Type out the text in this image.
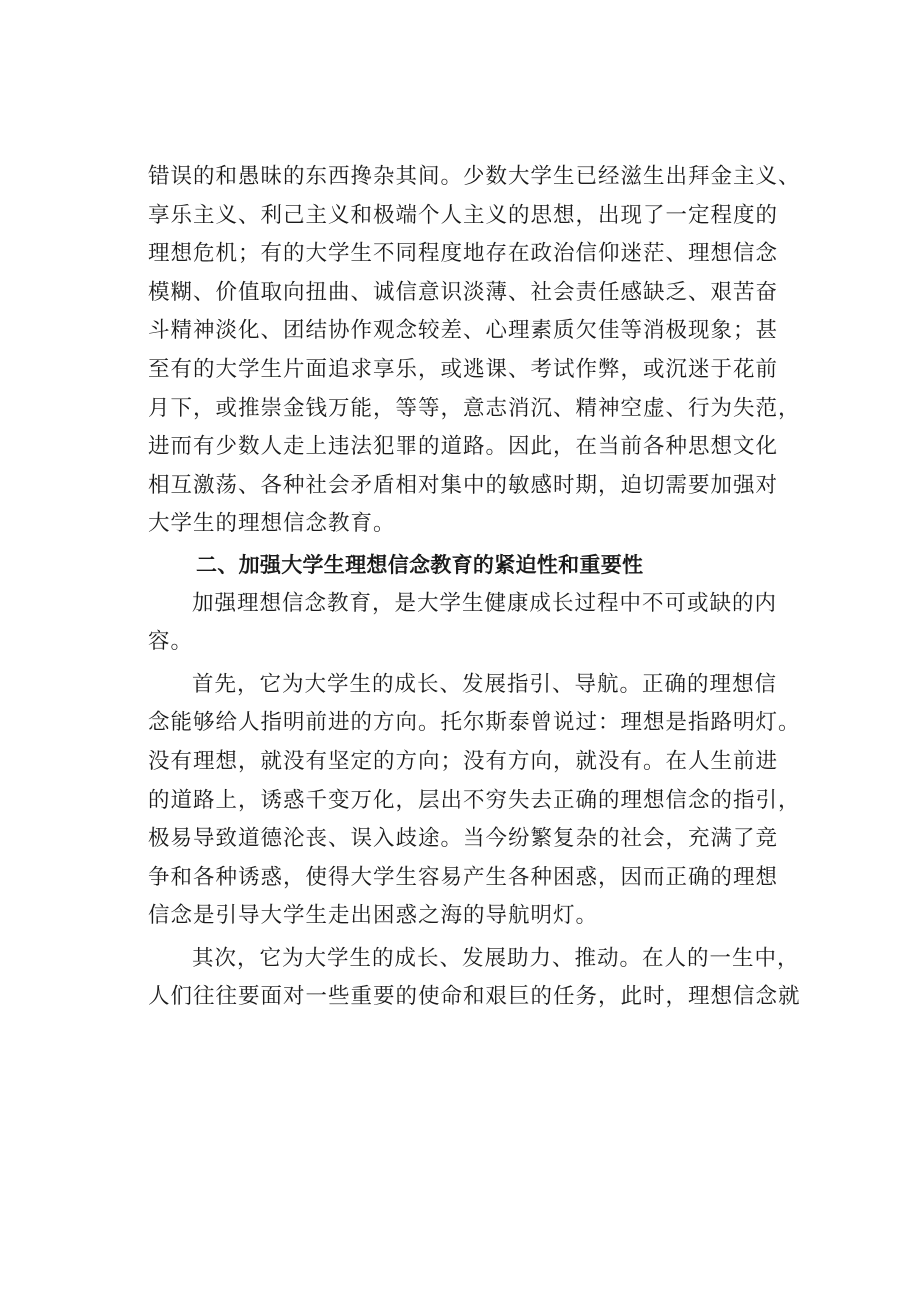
错误的和愚昧的东西搀杂其间。少数大学生已经滋生出拜金主义、
享乐主义、利己主义和极端个人主义的思想，出现了一定程度的
理想危机；有的大学生不同程度地存在政治信仰迷茫、理想信念
模糊、价值取向扭曲、诚信意识淡薄、社会责任感缺乏、艰苦奋
斗精神淡化、团结协作观念较差、心理素质欠佳等消极现象；甚
至有的大学生片面追求享乐，或逃课、考试作弊，或沉迷于花前
月下，或推崇金钱万能，等等，意志消沉、精神空虚、行为失范，
进而有少数人走上违法犯罪的道路。因此，在当前各种思想文化
相互激荡、各种社会矛盾相对集中的敏感时期，迫切需要加强对
大学生的理想信念教育。
二、加强大学生理想信念教育的紧迫性和重要性
加强理想信念教育，是大学生健康成长过程中不可或缺的内
容。
首先，它为大学生的成长、发展指引、导航。正确的理想信
念能够给人指明前进的方向。托尔斯泰曾说过：理想是指路明灯。
没有理想，就没有坚定的方向；没有方向，就没有。在人生前进
的道路上，诱惑千变万化，层出不穷失去正确的理想信念的指引，
极易导致道德沦丧、误入歧途。当今纷繁复杂的社会，充满了竞
争和各种诱惑，使得大学生容易产生各种困惑，因而正确的理想
信念是引导大学生走出困惑之海的导航明灯。
其次，它为大学生的成长、发展助力、推动。在人的一生中，
人们往往要面对一些重要的使命和艰巨的任务，此时，理想信念就
